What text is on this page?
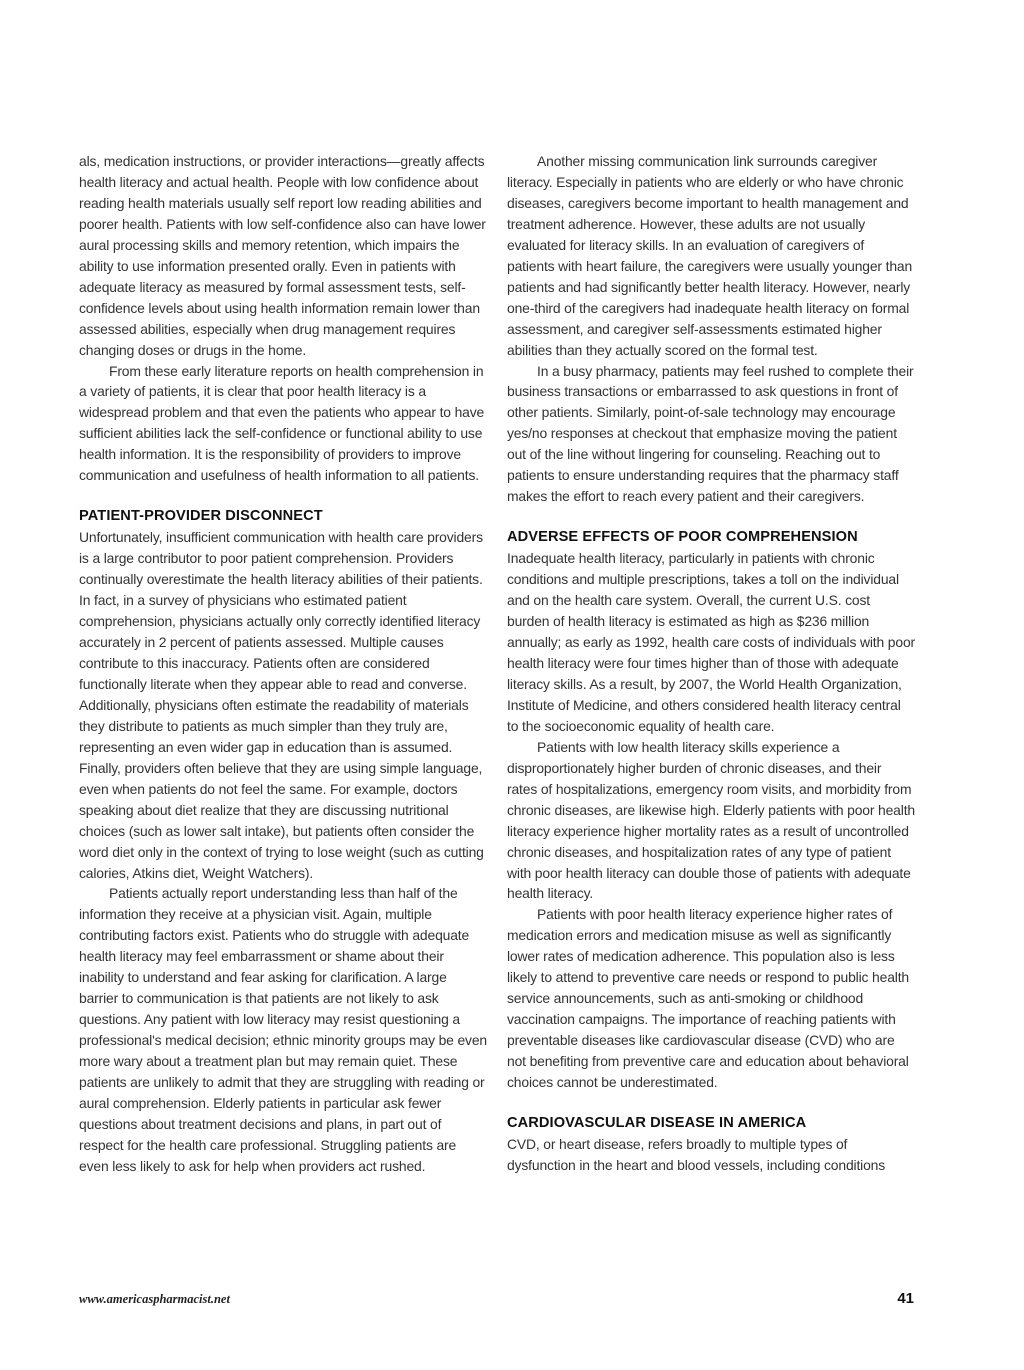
als, medication instructions, or provider interactions—greatly affects health literacy and actual health. People with low confidence about reading health materials usually self report low reading abilities and poorer health. Patients with low self-confidence also can have lower aural processing skills and memory retention, which impairs the ability to use information presented orally. Even in patients with adequate literacy as measured by formal assessment tests, self-confidence levels about using health information remain lower than assessed abilities, especially when drug management requires changing doses or drugs in the home.

From these early literature reports on health comprehension in a variety of patients, it is clear that poor health literacy is a widespread problem and that even the patients who appear to have sufficient abilities lack the self-confidence or functional ability to use health information. It is the responsibility of providers to improve communication and usefulness of health information to all patients.

PATIENT-PROVIDER DISCONNECT

Unfortunately, insufficient communication with health care providers is a large contributor to poor patient comprehension. Providers continually overestimate the health literacy abilities of their patients. In fact, in a survey of physicians who estimated patient comprehension, physicians actually only correctly identified literacy accurately in 2 percent of patients assessed. Multiple causes contribute to this inaccuracy. Patients often are considered functionally literate when they appear able to read and converse. Additionally, physicians often estimate the readability of materials they distribute to patients as much simpler than they truly are, representing an even wider gap in education than is assumed. Finally, providers often believe that they are using simple language, even when patients do not feel the same. For example, doctors speaking about diet realize that they are discussing nutritional choices (such as lower salt intake), but patients often consider the word diet only in the context of trying to lose weight (such as cutting calories, Atkins diet, Weight Watchers).

Patients actually report understanding less than half of the information they receive at a physician visit. Again, multiple contributing factors exist. Patients who do struggle with adequate health literacy may feel embarrassment or shame about their inability to understand and fear asking for clarification. A large barrier to communication is that patients are not likely to ask questions. Any patient with low literacy may resist questioning a professional's medical decision; ethnic minority groups may be even more wary about a treatment plan but may remain quiet. These patients are unlikely to admit that they are struggling with reading or aural comprehension. Elderly patients in particular ask fewer questions about treatment decisions and plans, in part out of respect for the health care professional. Struggling patients are even less likely to ask for help when providers act rushed.

Another missing communication link surrounds caregiver literacy. Especially in patients who are elderly or who have chronic diseases, caregivers become important to health management and treatment adherence. However, these adults are not usually evaluated for literacy skills. In an evaluation of caregivers of patients with heart failure, the caregivers were usually younger than patients and had significantly better health literacy. However, nearly one-third of the caregivers had inadequate health literacy on formal assessment, and caregiver self-assessments estimated higher abilities than they actually scored on the formal test.

In a busy pharmacy, patients may feel rushed to complete their business transactions or embarrassed to ask questions in front of other patients. Similarly, point-of-sale technology may encourage yes/no responses at checkout that emphasize moving the patient out of the line without lingering for counseling. Reaching out to patients to ensure understanding requires that the pharmacy staff makes the effort to reach every patient and their caregivers.

ADVERSE EFFECTS OF POOR COMPREHENSION

Inadequate health literacy, particularly in patients with chronic conditions and multiple prescriptions, takes a toll on the individual and on the health care system. Overall, the current U.S. cost burden of health literacy is estimated as high as $236 million annually; as early as 1992, health care costs of individuals with poor health literacy were four times higher than of those with adequate literacy skills. As a result, by 2007, the World Health Organization, Institute of Medicine, and others considered health literacy central to the socioeconomic equality of health care.

Patients with low health literacy skills experience a disproportionately higher burden of chronic diseases, and their rates of hospitalizations, emergency room visits, and morbidity from chronic diseases, are likewise high. Elderly patients with poor health literacy experience higher mortality rates as a result of uncontrolled chronic diseases, and hospitalization rates of any type of patient with poor health literacy can double those of patients with adequate health literacy.

Patients with poor health literacy experience higher rates of medication errors and medication misuse as well as significantly lower rates of medication adherence. This population also is less likely to attend to preventive care needs or respond to public health service announcements, such as anti-smoking or childhood vaccination campaigns. The importance of reaching patients with preventable diseases like cardiovascular disease (CVD) who are not benefiting from preventive care and education about behavioral choices cannot be underestimated.

CARDIOVASCULAR DISEASE IN AMERICA

CVD, or heart disease, refers broadly to multiple types of dysfunction in the heart and blood vessels, including conditions

www.americaspharmacist.net	41
